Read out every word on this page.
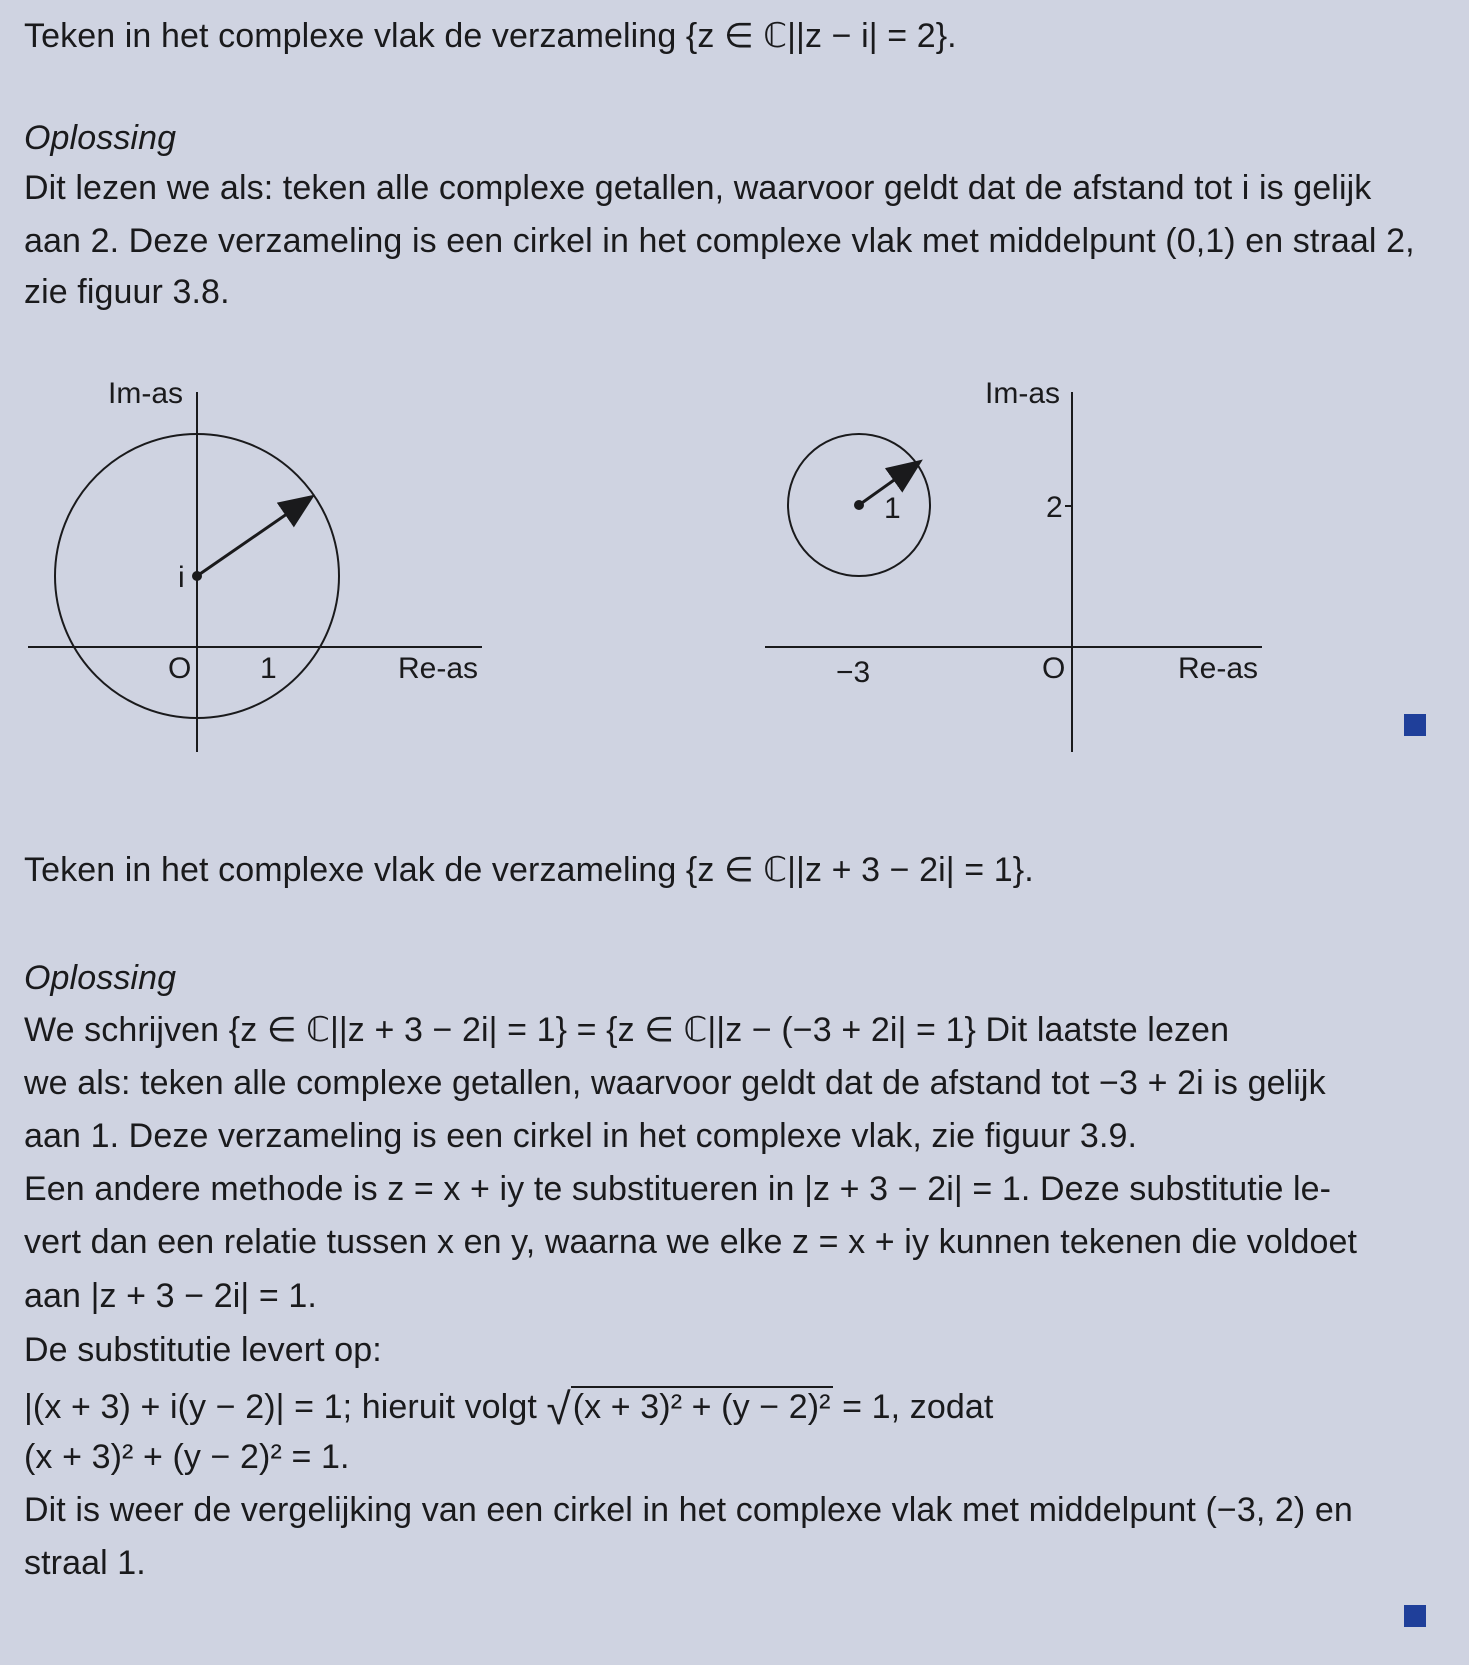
Teken in het complexe vlak de verzameling {z ∈ ℂ||z − i| = 2}.
Oplossing
Dit lezen we als: teken alle complexe getallen, waarvoor geldt dat de afstand tot i is gelijk
aan 2. Deze verzameling is een cirkel in het complexe vlak met middelpunt (0,1) en straal 2,
zie figuur 3.8.
Im-as
Re-as
O 1
i
1
Im-as
2
Re-as
O
−3
Teken in het complexe vlak de verzameling {z ∈ ℂ||z + 3 − 2i| = 1}.
Oplossing
We schrijven {z ∈ ℂ||z + 3 − 2i| = 1} = {z ∈ ℂ||z − (−3 + 2i| = 1} Dit laatste lezen
we als: teken alle complexe getallen, waarvoor geldt dat de afstand tot −3 + 2i is gelijk
aan 1. Deze verzameling is een cirkel in het complexe vlak, zie figuur 3.9.
Een andere methode is z = x + iy te substitueren in |z + 3 − 2i| = 1. Deze substitutie le-
vert dan een relatie tussen x en y, waarna we elke z = x + iy kunnen tekenen die voldoet
aan |z + 3 − 2i| = 1.
De substitutie levert op:
|(x + 3) + i(y − 2)| = 1; hieruit volgt √(x + 3)² + (y − 2)² = 1, zodat
(x + 3)² + (y − 2)² = 1.
Dit is weer de vergelijking van een cirkel in het complexe vlak met middelpunt (−3, 2) en
straal 1.
